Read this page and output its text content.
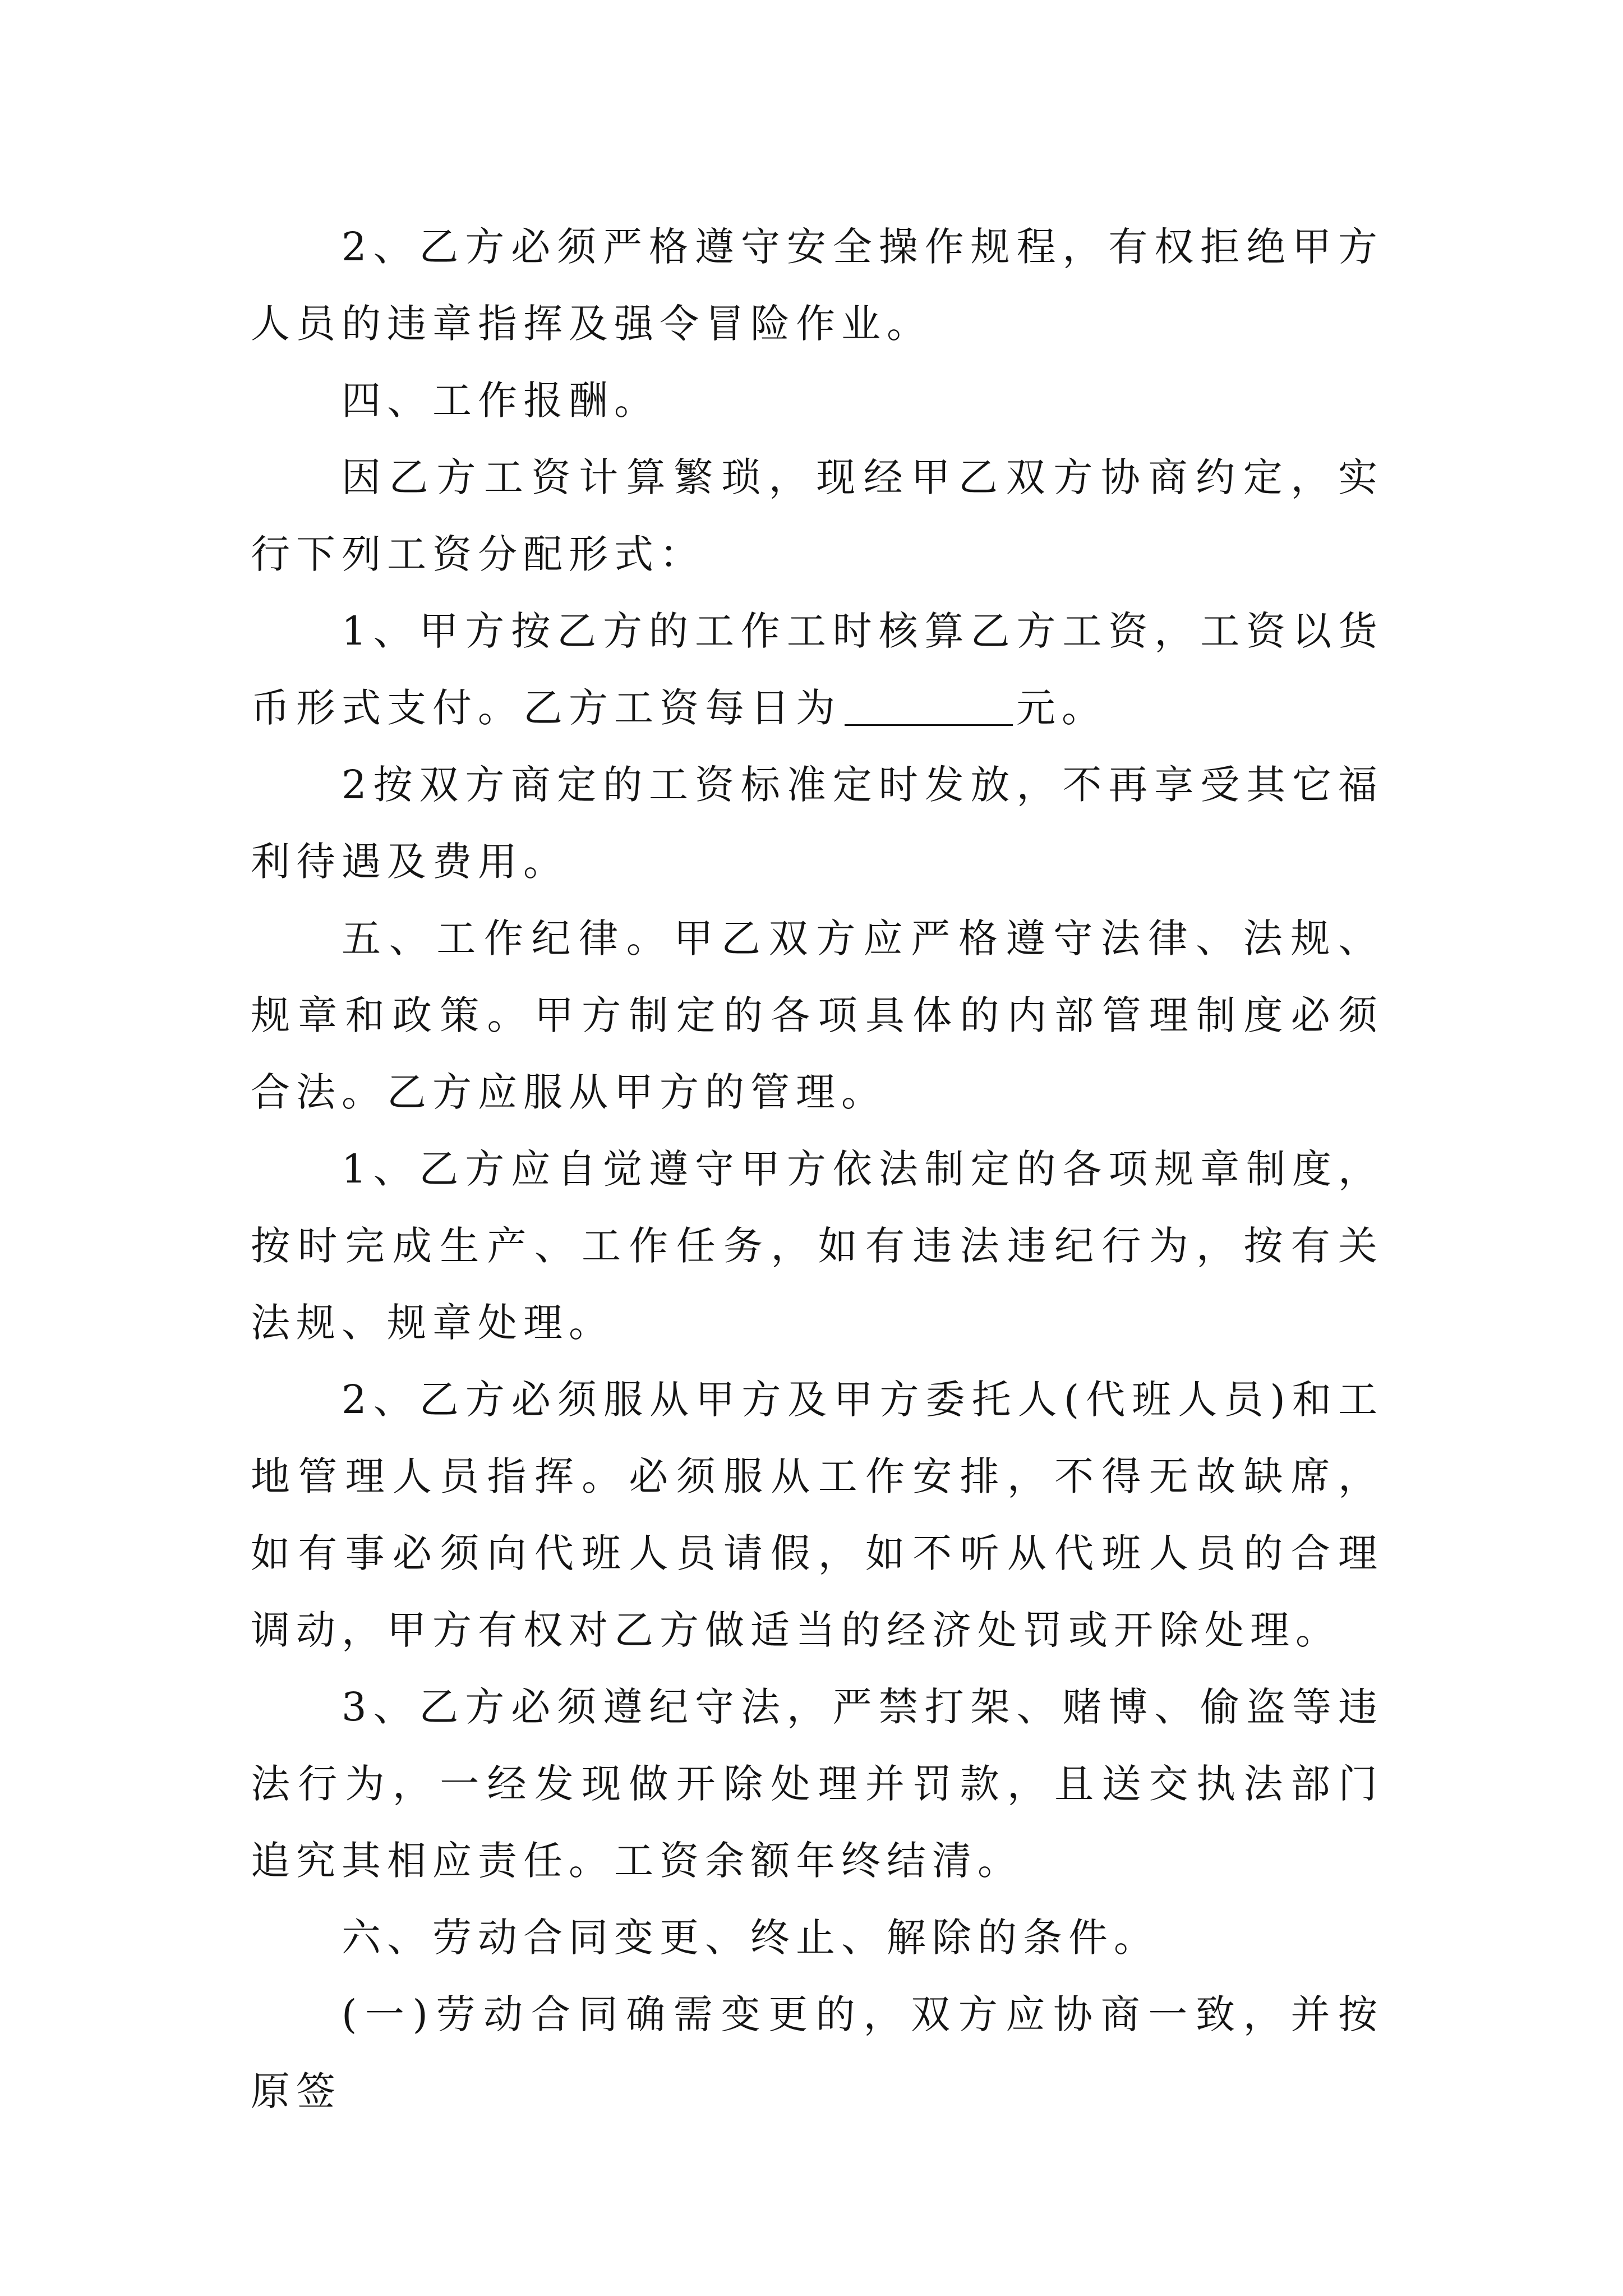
2、乙方必须严格遵守安全操作规程，有权拒绝甲方人员的违章指挥及强令冒险作业。

四、工作报酬。

因乙方工资计算繁琐，现经甲乙双方协商约定，实行下列工资分配形式：

1、甲方按乙方的工作工时核算乙方工资，工资以货币形式支付。乙方工资每日为	元。

2按双方商定的工资标准定时发放，不再享受其它福利待遇及费用。

五、工作纪律。甲乙双方应严格遵守法律、法规、规章和政策。甲方制定的各项具体的内部管理制度必须合法。乙方应服从甲方的管理。

1、乙方应自觉遵守甲方依法制定的各项规章制度，按时完成生产、工作任务，如有违法违纪行为，按有关法规、规章处理。

2、乙方必须服从甲方及甲方委托人(代班人员)和工地管理人员指挥。必须服从工作安排，不得无故缺席，如有事必须向代班人员请假，如不听从代班人员的合理调动，甲方有权对乙方做适当的经济处罚或开除处理。

3、乙方必须遵纪守法，严禁打架、赌博、偷盗等违法行为，一经发现做开除处理并罚款，且送交执法部门追究其相应责任。工资余额年终结清。

六、劳动合同变更、终止、解除的条件。

(一)劳动合同确需变更的，双方应协商一致，并按原签
